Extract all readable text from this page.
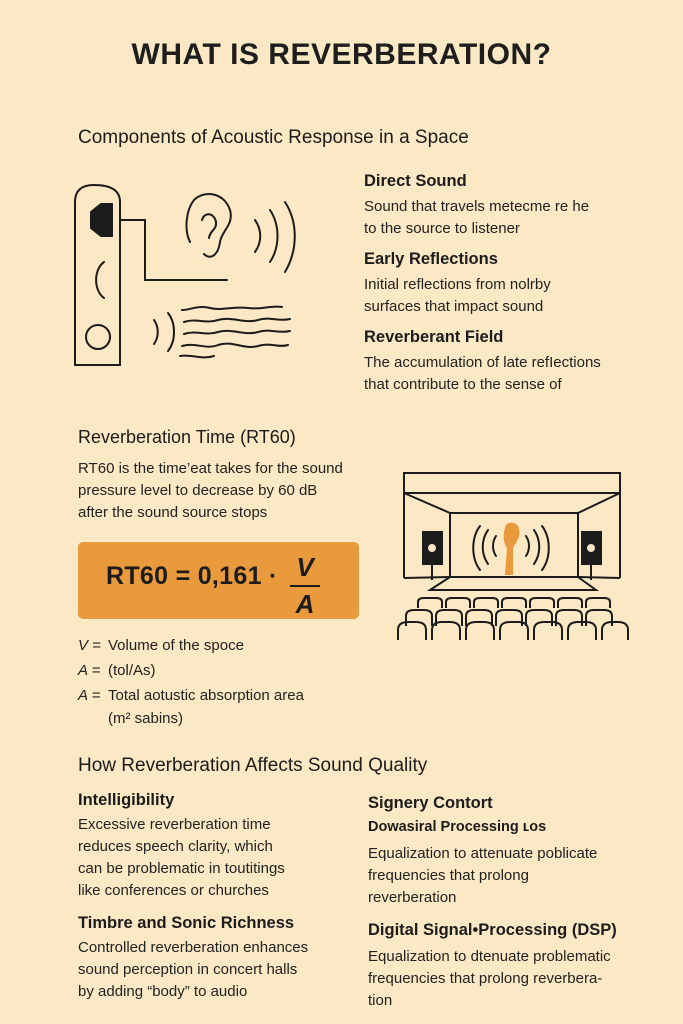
WHAT IS REVERBERATION?
Components of Acoustic Response in a Space
Direct Sound
Sound that travels metecme re he
to the source to listener
Early Reflections
Initial reflections from nolrby
surfaces that impact sound
Reverberant Field
The accumulation of late refIections
that contribute to the sense of
Reverberation Time (RT60)
RT60 is the time’eat takes for the sound
pressure level to decrease by 60 dB
after the sound source stops
RT60 = 0,161 · V
A
V = Volume of the spoce
A = (tol/As)
A = Total aotustic absorption area
(m² sabins)
How Reverberation Affects Sound Quality
Intelligibility
Excessive reverberation time
reduces speech clarity, which
can be problematic in toutitings
like conferences or churches
Timbre and Sonic Richness
Controlled reverberation enhances
sound perception in concert halls
by adding “body” to audio
Signery Contort
Dowasiral Processing ʟᴏs
Equalization to attenuate poblicate
frequencies that prolong
reverberation
Digital Signal•Processing (DSP)
Equalization to dtenuate problematic
frequencies that prolong reverbera‐
tion
